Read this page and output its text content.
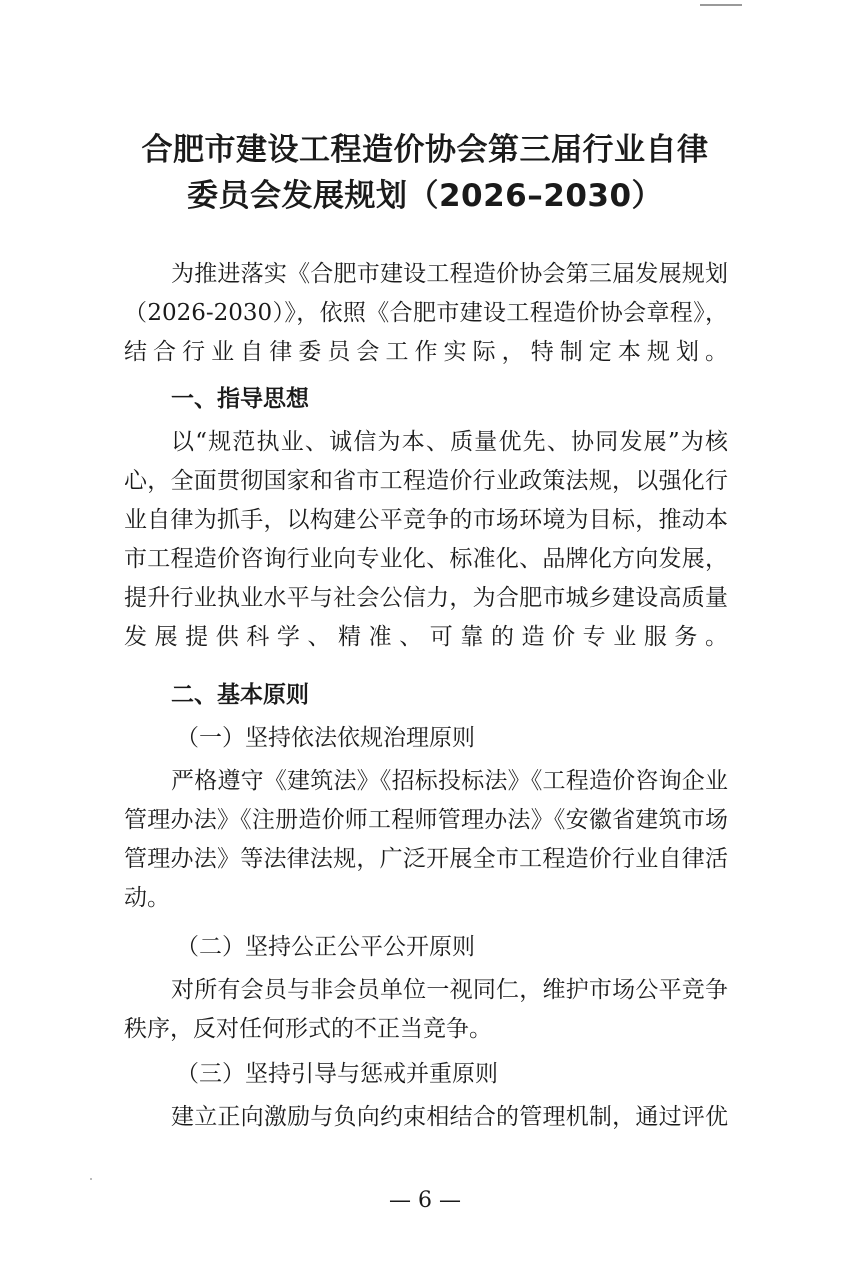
合肥市建设工程造价协会第三届行业自律
委员会发展规划（2026–2030）

为推进落实《合肥市建设工程造价协会第三届发展规划（2026-2030）》，依照《合肥市建设工程造价协会章程》，结合行业自律委员会工作实际，特制定本规划。

一、指导思想

以“规范执业、诚信为本、质量优先、协同发展”为核心，全面贯彻国家和省市工程造价行业政策法规，以强化行业自律为抓手，以构建公平竞争的市场环境为目标，推动本市工程造价咨询行业向专业化、标准化、品牌化方向发展，提升行业执业水平与社会公信力，为合肥市城乡建设高质量发展提供科学、精准、可靠的造价专业服务。

二、基本原则

（一）坚持依法依规治理原则

严格遵守《建筑法》《招标投标法》《工程造价咨询企业管理办法》《注册造价师工程师管理办法》《安徽省建筑市场管理办法》等法律法规，广泛开展全市工程造价行业自律活动。

（二）坚持公正公平公开原则

对所有会员与非会员单位一视同仁，维护市场公平竞争秩序，反对任何形式的不正当竞争。

（三）坚持引导与惩戒并重原则

建立正向激励与负向约束相结合的管理机制，通过评优

— 6 —
